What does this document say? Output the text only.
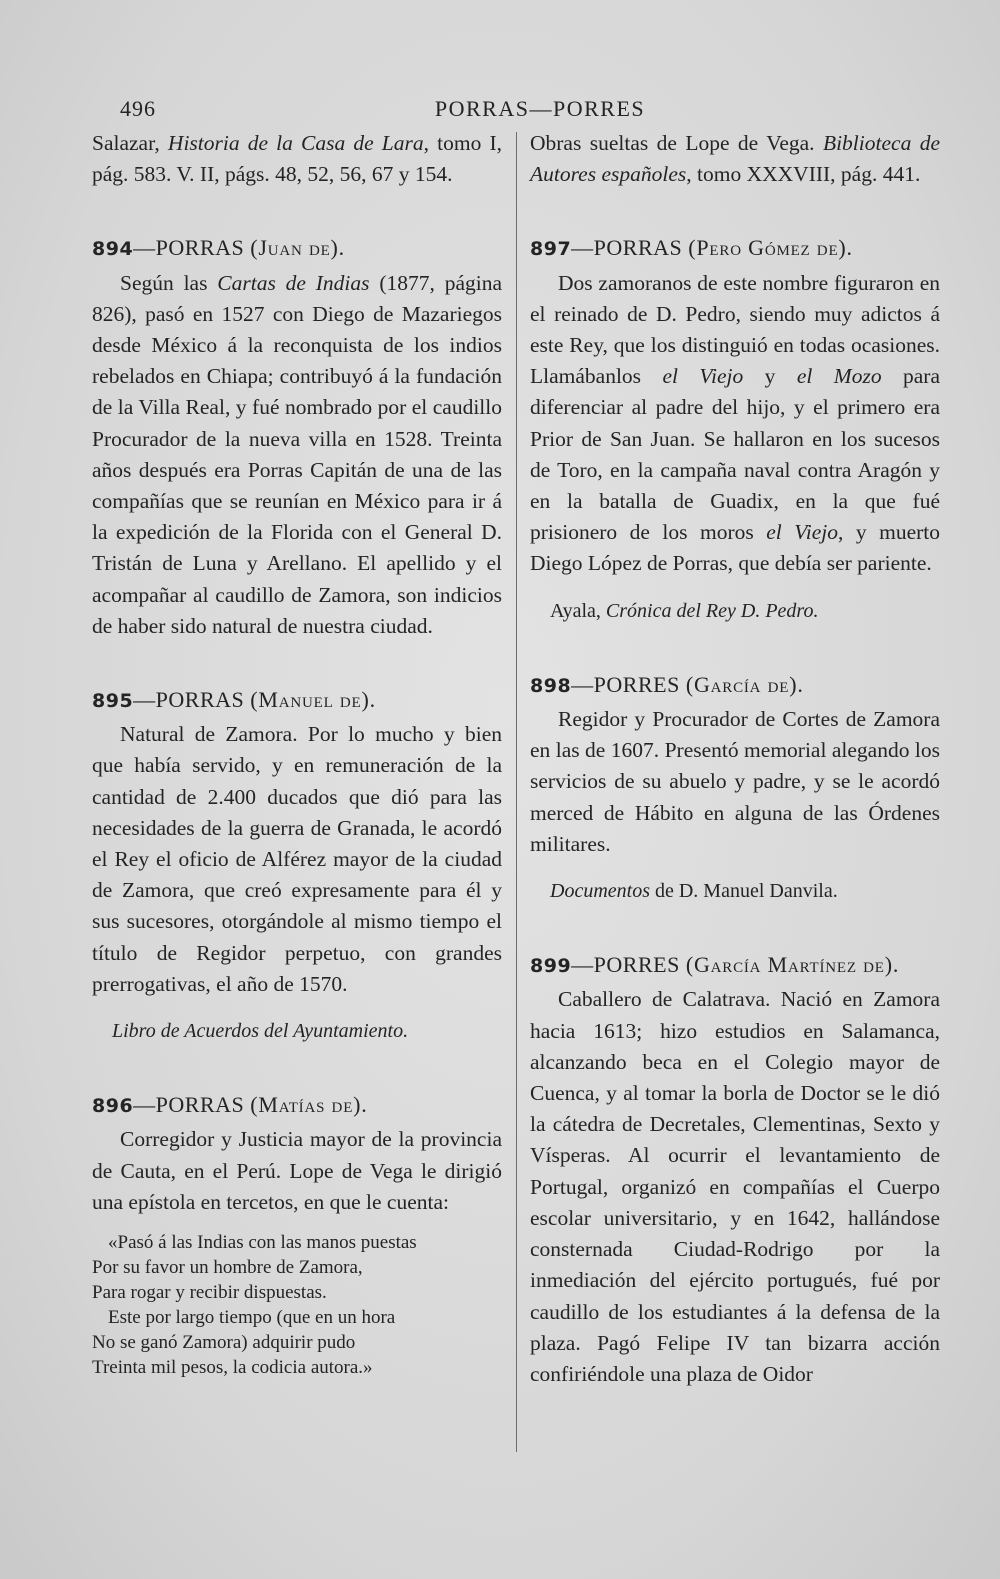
496	PORRAS—PORRES

Salazar, Historia de la Casa de Lara, tomo I, pág. 583. V. II, págs. 48, 52, 56, 67 y 154.

894—PORRAS (Juan de).

Según las Cartas de Indias (1877, página 826), pasó en 1527 con Diego de Mazariegos desde México á la reconquista de los indios rebelados en Chiapa; contribuyó á la fundación de la Villa Real, y fué nombrado por el caudillo Procurador de la nueva villa en 1528. Treinta años después era Porras Capitán de una de las compañías que se reunían en México para ir á la expedición de la Florida con el General D. Tristán de Luna y Arellano. El apellido y el acompañar al caudillo de Zamora, son indicios de haber sido natural de nuestra ciudad.

895—PORRAS (Manuel de).

Natural de Zamora. Por lo mucho y bien que había servido, y en remuneración de la cantidad de 2.400 ducados que dió para las necesidades de la guerra de Granada, le acordó el Rey el oficio de Alférez mayor de la ciudad de Zamora, que creó expresamente para él y sus sucesores, otorgándole al mismo tiempo el título de Regidor perpetuo, con grandes prerrogativas, el año de 1570.

Libro de Acuerdos del Ayuntamiento.

896—PORRAS (Matías de).

Corregidor y Justicia mayor de la provincia de Cauta, en el Perú. Lope de Vega le dirigió una epístola en tercetos, en que le cuenta:

«Pasó á las Indias con las manos puestas

Por su favor un hombre de Zamora,

Para rogar y recibir dispuestas.

Este por largo tiempo (que en un hora

No se ganó Zamora) adquirir pudo

Treinta mil pesos, la codicia autora.»

Obras sueltas de Lope de Vega. Biblioteca de Autores españoles, tomo XXXVIII, pág. 441.

897—PORRAS (Pero Gómez de).

Dos zamoranos de este nombre figuraron en el reinado de D. Pedro, siendo muy adictos á este Rey, que los distinguió en todas ocasiones. Llamábanlos el Viejo y el Mozo para diferenciar al padre del hijo, y el primero era Prior de San Juan. Se hallaron en los sucesos de Toro, en la campaña naval contra Aragón y en la batalla de Guadix, en la que fué prisionero de los moros el Viejo, y muerto Diego López de Porras, que debía ser pariente.

Ayala, Crónica del Rey D. Pedro.

898—PORRES (García de).

Regidor y Procurador de Cortes de Zamora en las de 1607. Presentó memorial alegando los servicios de su abuelo y padre, y se le acordó merced de Hábito en alguna de las Órdenes militares.

Documentos de D. Manuel Danvila.

899—PORRES (García Martínez de).

Caballero de Calatrava. Nació en Zamora hacia 1613; hizo estudios en Salamanca, alcanzando beca en el Colegio mayor de Cuenca, y al tomar la borla de Doctor se le dió la cátedra de Decretales, Clementinas, Sexto y Vísperas. Al ocurrir el levantamiento de Portugal, organizó en compañías el Cuerpo escolar universitario, y en 1642, hallándose consternada Ciudad-Rodrigo por la inmediación del ejército portugués, fué por caudillo de los estudiantes á la defensa de la plaza. Pagó Felipe IV tan bizarra acción confiriéndole una plaza de Oidor
